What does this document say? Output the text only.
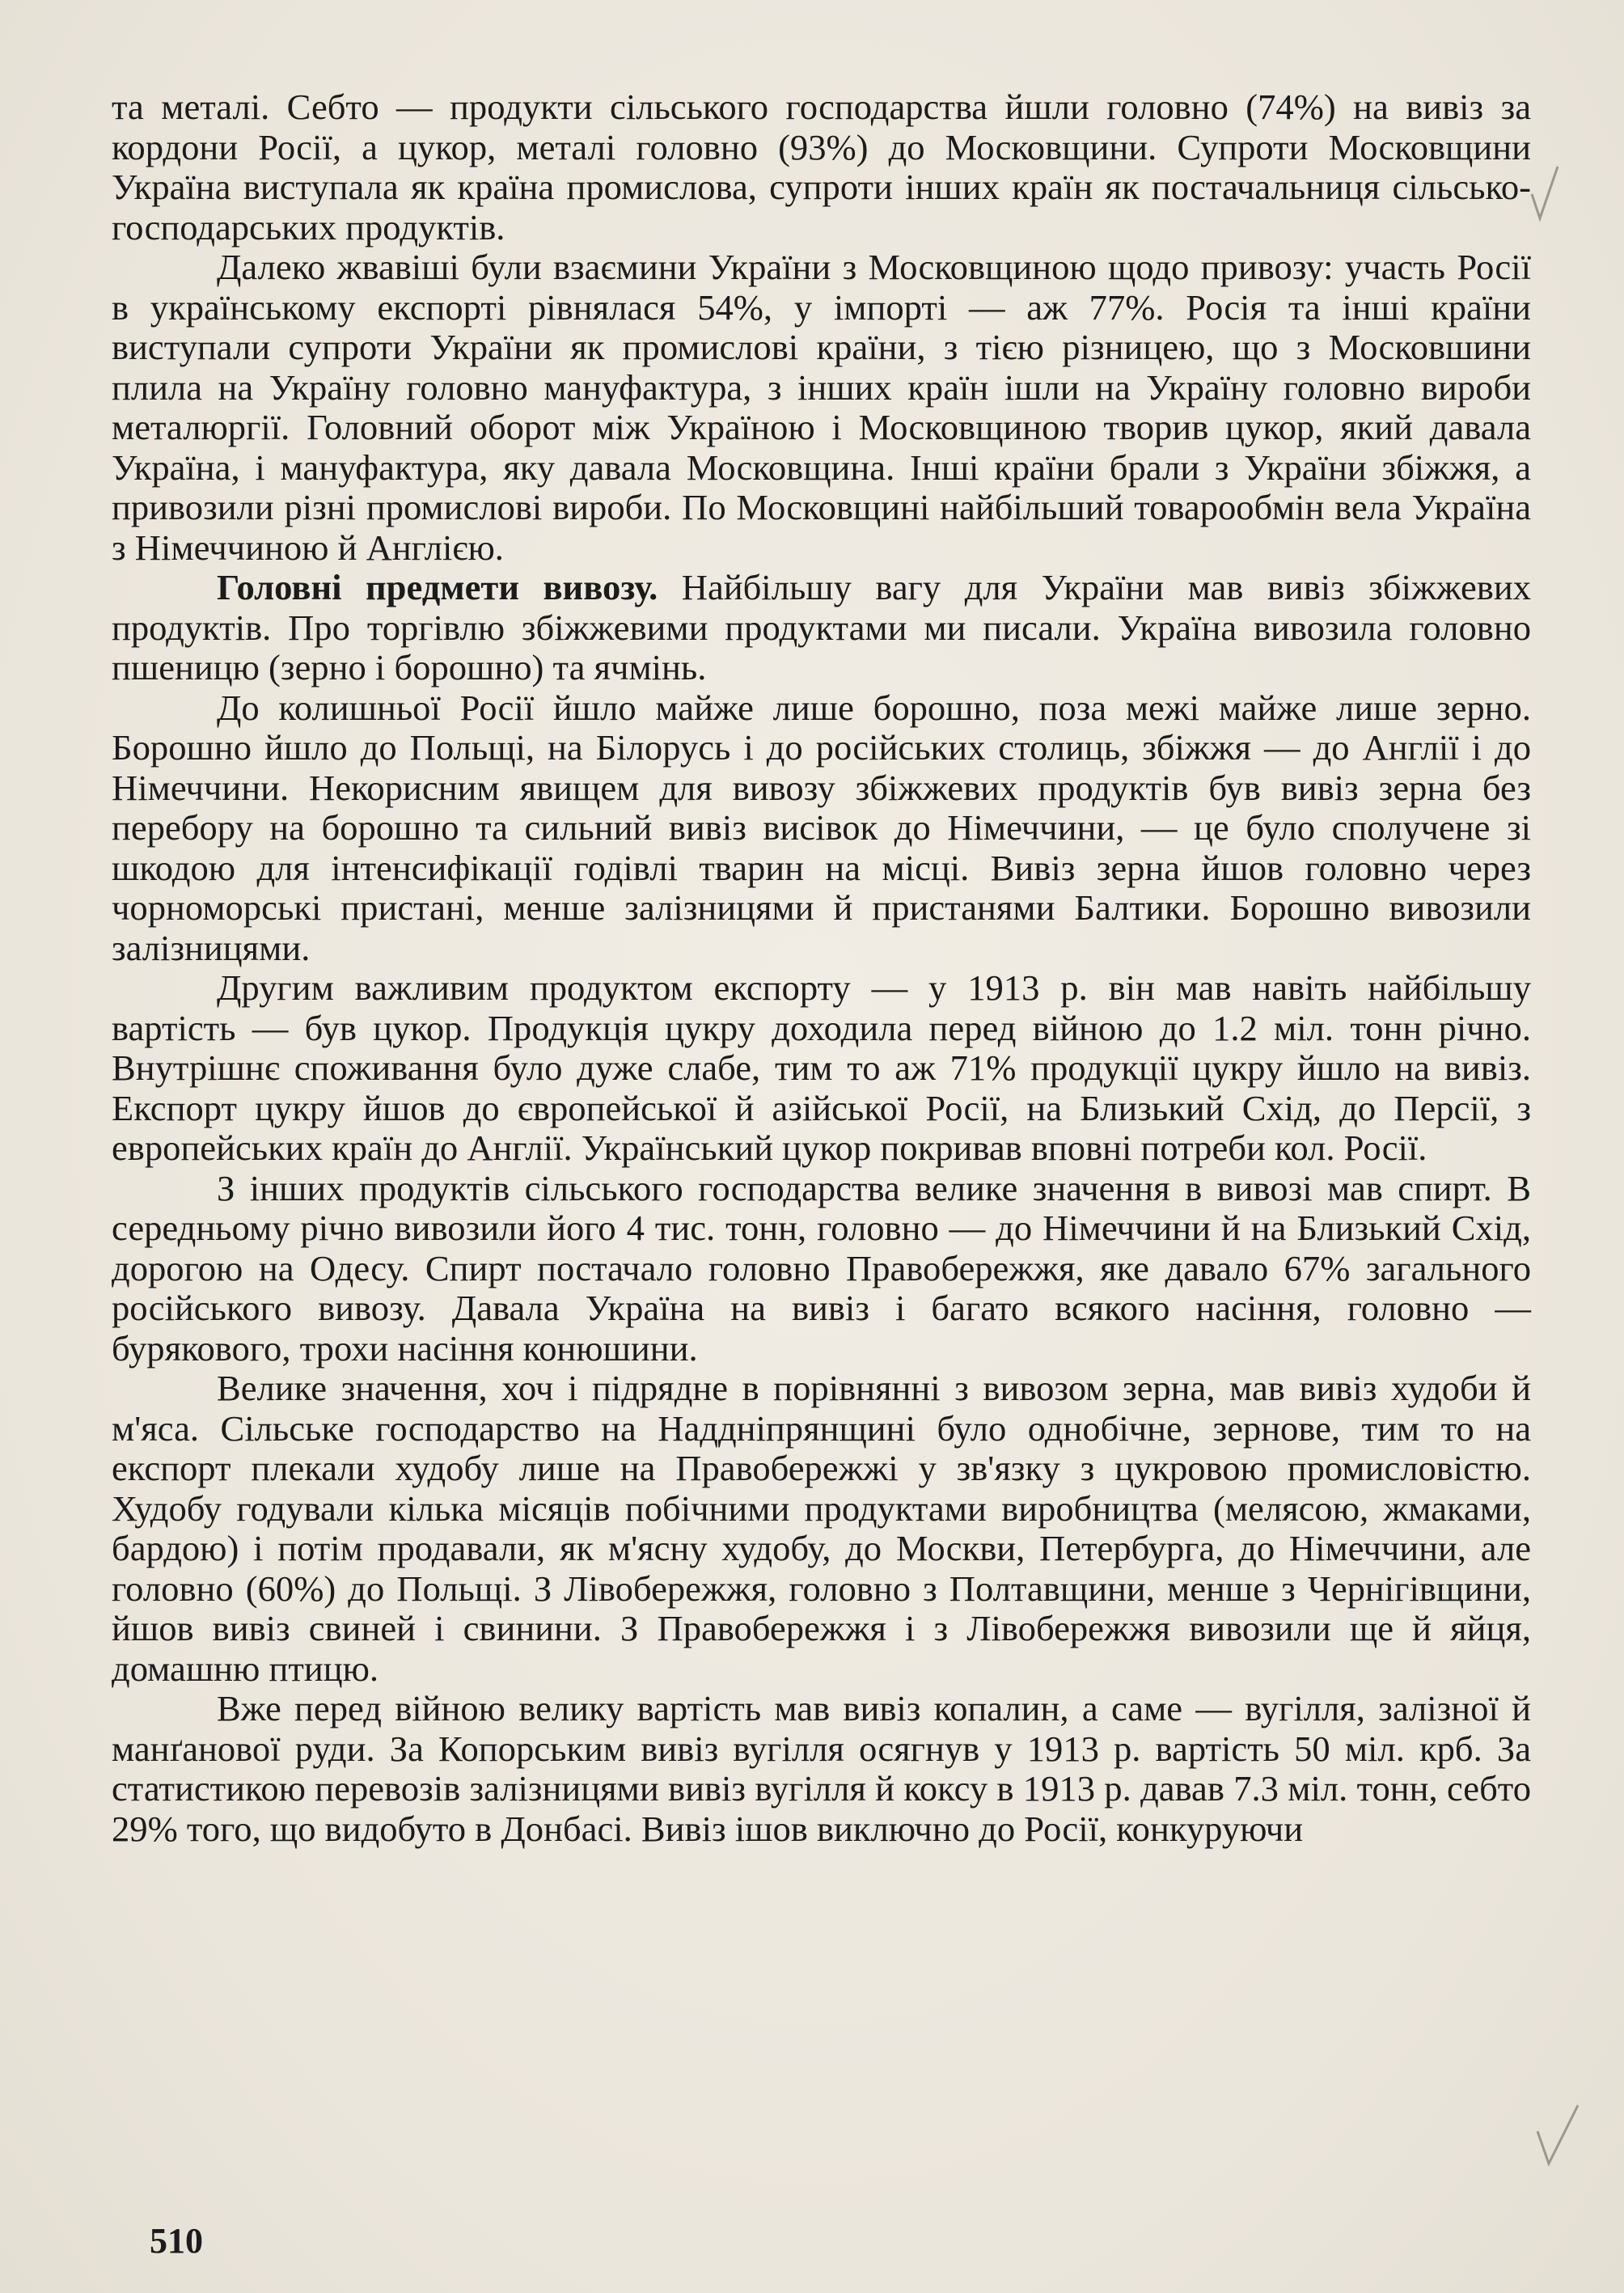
та металі. Себто — продукти сільського господарства йшли головно (74%) на вивіз за кордони Росії, а цукор, металі головно (93%) до Московщини. Супроти Московщини Україна виступала як країна промислова, супроти інших країн як постачальниця сільсько-господарських продуктів.

Далеко жвавіші були взаємини України з Московщиною щодо привозу: участь Росії в українському експорті рівнялася 54%, у імпорті — аж 77%. Росія та інші країни виступали супроти України як промислові країни, з тією різницею, що з Московшини плила на Україну головно мануфактура, з інших країн ішли на Україну головно вироби металюргії. Головний оборот між Україною і Московщиною творив цукор, який давала Україна, і мануфактура, яку давала Московщина. Інші країни брали з України збіжжя, а привозили різні промислові вироби. По Московщині найбільший товарообмін вела Україна з Німеччиною й Англією.

Головні предмети вивозу. Найбільшу вагу для України мав вивіз збіжжевих продуктів. Про торгівлю збіжжевими продуктами ми писали. Україна вивозила головно пшеницю (зерно і борошно) та ячмінь.

До колишньої Росії йшло майже лише борошно, поза межі майже лише зерно. Борошно йшло до Польщі, на Білорусь і до російських столиць, збіжжя — до Англії і до Німеччини. Некорисним явищем для вивозу збіжжевих продуктів був вивіз зерна без перебору на борошно та сильний вивіз висівок до Німеччини, — це було сполучене зі шкодою для інтенсифікації годівлі тварин на місці. Вивіз зерна йшов головно через чорноморські пристані, менше залізницями й пристанями Балтики. Борошно вивозили залізницями.

Другим важливим продуктом експорту — у 1913 р. він мав навіть найбільшу вартість — був цукор. Продукція цукру доходила перед війною до 1.2 міл. тонн річно. Внутрішнє споживання було дуже слабе, тим то аж 71% продукції цукру йшло на вивіз. Експорт цукру йшов до європейської й азійської Росії, на Близький Схід, до Персії, з европейських країн до Англії. Український цукор покривав вповні потреби кол. Росії.

З інших продуктів сільського господарства велике значення в вивозі мав спирт. В середньому річно вивозили його 4 тис. тонн, головно — до Німеччини й на Близький Схід, дорогою на Одесу. Спирт постачало головно Правобережжя, яке давало 67% загального російського вивозу. Давала Україна на вивіз і багато всякого насіння, головно — бурякового, трохи насіння конюшини.

Велике значення, хоч і підрядне в порівнянні з вивозом зерна, мав вивіз худоби й м'яса. Сільське господарство на Наддніпрянщині було однобічне, зернове, тим то на експорт плекали худобу лише на Правобережжі у зв'язку з цукровою промисловістю. Худобу годували кілька місяців побічними продуктами виробництва (мелясою, жмаками, бардою) і потім продавали, як м'ясну худобу, до Москви, Петербурга, до Німеччини, але головно (60%) до Польщі. З Лівобережжя, головно з Полтавщини, менше з Чернігівщини, йшов вивіз свиней і свинини. З Правобережжя і з Лівобережжя вивозили ще й яйця, домашню птицю.

Вже перед війною велику вартість мав вивіз копалин, а саме — вугілля, залізної й манґанової руди. За Копорським вивіз вугілля осягнув у 1913 р. вартість 50 міл. крб. За статистикою перевозів залізницями вивіз вугілля й коксу в 1913 р. давав 7.3 міл. тонн, себто 29% того, що видобуто в Донбасі. Вивіз ішов виключно до Росії, конкуруючи

510
